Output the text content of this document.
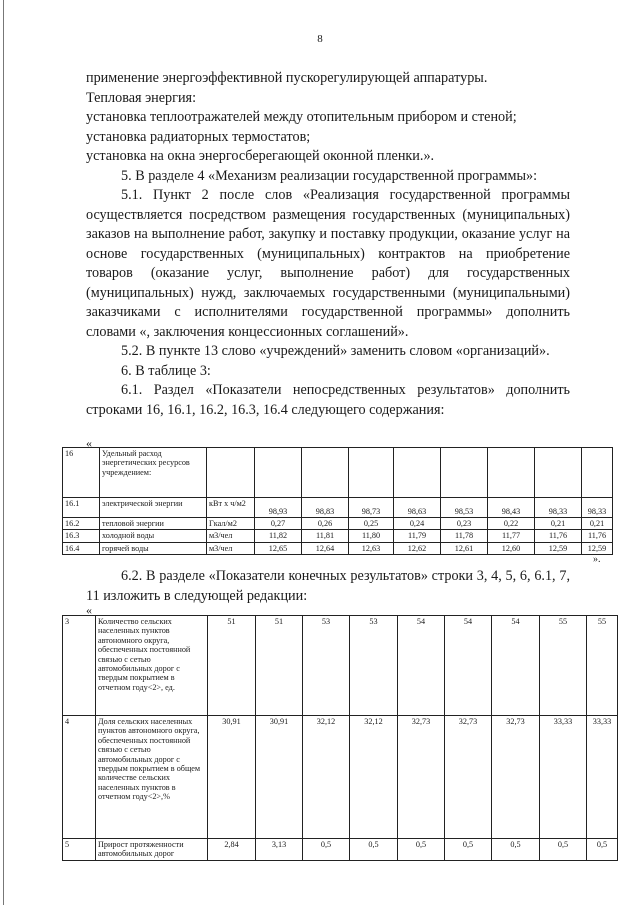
8

применение энергоэффективной пускорегулирующей аппаратуры.

Тепловая энергия:

установка теплоотражателей между отопительным прибором и стеной;

установка радиаторных термостатов;

установка на окна энергосберегающей оконной пленки.».

5. В разделе 4 «Механизм реализации государственной программы»:

5.1. Пункт 2 после слов «Реализация государственной программы осуществляется посредством размещения государственных (муниципальных) заказов на выполнение работ, закупку и поставку продукции, оказание услуг на основе государственных (муниципальных) контрактов на приобретение товаров (оказание услуг, выполнение работ) для государственных (муниципальных) нужд, заключаемых государственными (муниципальными) заказчиками с исполнителями государственной программы» дополнить словами «, заключения концессионных соглашений».

5.2. В пункте 13 слово «учреждений» заменить словом «организаций».

6. В таблице 3:

6.1. Раздел «Показатели непосредственных результатов» дополнить строками 16, 16.1, 16.2, 16.3, 16.4 следующего содержания:

«
16	Удельный расход энергетических ресурсов учреждением:									
16.1	электрической энергии	кВт х ч/м2	98,93	98,83	98,73	98,63	98,53	98,43	98,33	98,33
16.2	тепловой энергии	Гкал/м2	0,27	0,26	0,25	0,24	0,23	0,22	0,21	0,21
16.3	холодной воды	м3/чел	11,82	11,81	11,80	11,79	11,78	11,77	11,76	11,76
16.4	горячей воды	м3/чел	12,65	12,64	12,63	12,62	12,61	12,60	12,59	12,59
».

6.2. В разделе «Показатели конечных результатов» строки 3, 4, 5, 6, 6.1, 7, 11 изложить в следующей редакции:

«
3	Количество сельских населенных пунктов автономного округа, обеспеченных постоянной связью с сетью автомобильных дорог с твердым покрытием в отчетном году<2>, ед.	51	51	53	53	54	54	54	55	55
4	Доля сельских населенных пунктов автономного округа, обеспеченных постоянной связью с сетью автомобильных дорог с твердым покрытием в общем количестве сельских населенных пунктов в отчетном году<2>,%	30,91	30,91	32,12	32,12	32,73	32,73	32,73	33,33	33,33
5	Прирост протяженности автомобильных дорог	2,84	3,13	0,5	0,5	0,5	0,5	0,5	0,5	0,5
